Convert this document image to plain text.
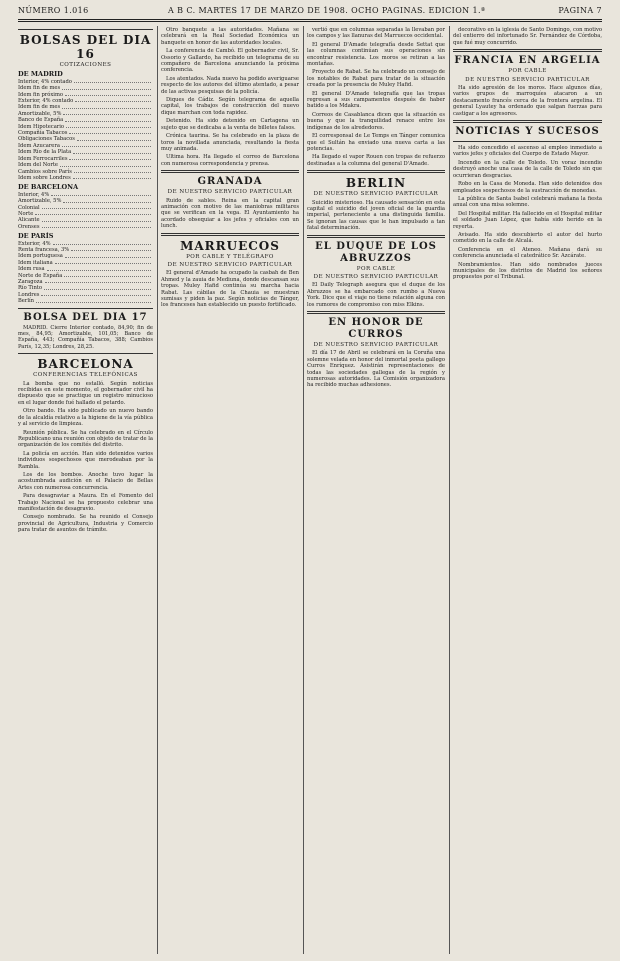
NÚMERO 1.016	A B C. MARTES 17 DE MARZO DE 1908. OCHO PAGINAS. EDICION 1.ª	PAGINA 7
BOLSAS DEL DIA 16
COTIZACIONES
DE MADRID
Interior, 4% contado
Idem fin de mes
Idem fin próximo
Exterior, 4% contado
Idem fin de mes
Amortizable, 5%
Banco de España
Idem Hipotecario
Compañía Tabacos
Obligaciones Tabacos
Idem Azucarera
Idem Río de la Plata
Idem Ferrocarriles
Idem del Norte
Cambios sobre París
Idem sobre Londres
DE BARCELONA
Interior, 4%
Amortizable, 5%
Colonial
Norte
Alicante
Orenses
DE PARÍS
Exterior, 4%
Renta francesa, 3%
Idem portuguesa
Idem italiana
Idem rusa
Norte de España
Zaragoza
Río Tinto
Londres
Berlín
BOLSA DEL DIA 17

MADRID. Cierre Interior contado, 84,90; fin de mes, 84,95; Amortizable, 101,05; Banco de España, 443; Compañía Tabacos, 388; Cambios París, 12,35; Londres, 28,25.

BARCELONA
CONFERENCIAS TELEFÓNICAS

La bomba que no estalló. Según noticias recibidas en este momento, el gobernador civil ha dispuesto que se practique un registro minucioso en el lugar donde fué hallado el petardo.

Otro bando. Ha sido publicado un nuevo bando de la alcaldía relativo a la higiene de la vía pública y al servicio de limpieza.

Reunión pública. Se ha celebrado en el Círculo Republicano una reunión con objeto de tratar de la organización de los comités del distrito.

La policía en acción. Han sido detenidos varios individuos sospechosos que merodeaban por la Rambla.

Los de los bombos. Anoche tuvo lugar la acostumbrada audición en el Palacio de Bellas Artes con numerosa concurrencia.

Para desagraviar a Maura. En el Fomento del Trabajo Nacional se ha propuesto celebrar una manifestación de desagravio.

Consejo nombrado. Se ha reunido el Consejo provincial de Agricultura, Industria y Comercio para tratar de asuntos de trámite.

Otro banquete a las autoridades. Mañana se celebrará en la Real Sociedad Económica un banquete en honor de las autoridades locales.

La conferencia de Cambó. El gobernador civil, Sr. Ossorio y Gallardo, ha recibido un telegrama de su compañero de Barcelona anunciando la próxima conferencia.

Los atentados. Nada nuevo ha podido averiguarse respecto de los autores del último atentado, a pesar de las activas pesquisas de la policía.

Diques de Cádiz. Según telegrama de aquella capital, los trabajos de construcción del nuevo dique marchan con toda rapidez.

Detenido. Ha sido detenido en Cartagena un sujeto que se dedicaba a la venta de billetes falsos.

Crónica taurina. Se ha celebrado en la plaza de toros la novillada anunciada, resultando la fiesta muy animada.

Ultima hora. Ha llegado el correo de Barcelona con numerosa correspondencia y prensa.

GRANADA
DE NUESTRO SERVICIO PARTICULAR

Ruido de sables. Reina en la capital gran animación con motivo de las maniobras militares que se verifican en la vega. El Ayuntamiento ha acordado obsequiar a los jefes y oficiales con un lunch.

MARRUECOS
POR CABLE Y TELÉGRAFO
DE NUESTRO SERVICIO PARTICULAR

El general d'Amade ha ocupado la casbah de Ben Ahmed y la zauia de Mediuna, donde descansan sus tropas. Muley Hafid continúa su marcha hacia Rabat. Las cábilas de la Chauia se muestran sumisas y piden la paz. Según noticias de Tánger, los franceses han establecido un puesto fortificado.

vertió que en columnas separadas la llevaban por los campos y las llanuras del Marruecos occidental.

El general D'Amade telegrafía desde Settat que las columnas continúan sus operaciones sin encontrar resistencia. Los moros se retiran a las montañas.

Proyecto de Rabat. Se ha celebrado un consejo de los notables de Rabat para tratar de la situación creada por la presencia de Muley Hafid.

El general D'Amade telegrafía que las tropas regresan a sus campamentos después de haber batido a los Mdakra.

Correos de Casablanca dicen que la situación es buena y que la tranquilidad renace entre los indígenas de los alrededores.

El corresponsal de Le Temps en Tánger comunica que el Sultán ha enviado una nueva carta a las potencias.

Ha llegado el vapor Rouen con tropas de refuerzo destinadas a la columna del general D'Amade.

BERLIN
DE NUESTRO SERVICIO PARTICULAR

Suicidio misterioso. Ha causado sensación en esta capital el suicidio del joven oficial de la guardia imperial, perteneciente a una distinguida familia. Se ignoran las causas que le han impulsado a tan fatal determinación.

EL DUQUE DE LOS ABRUZZOS
POR CABLE
DE NUESTRO SERVICIO PARTICULAR

El Daily Telegraph asegura que el duque de los Abruzzos se ha embarcado con rumbo a Nueva York. Dice que el viaje no tiene relación alguna con los rumores de compromiso con miss Elkins.

EN HONOR DE CURROS
DE NUESTRO SERVICIO PARTICULAR

El día 17 de Abril se celebrará en la Coruña una solemne velada en honor del inmortal poeta gallego Curros Enríquez. Asistirán representaciones de todas las sociedades gallegas de la región y numerosas autoridades. La Comisión organizadora ha recibido muchas adhesiones.

decorativo en la iglesia de Santo Domingo, con motivo del entierro del infortunado Sr. Fernández de Córdoba, que fué muy concurrido.

FRANCIA EN ARGELIA
POR CABLE
DE NUESTRO SERVICIO PARTICULAR

Ha sido agresión de los moros. Hace algunos días, varios grupos de marroquíes atacaron a un destacamento francés cerca de la frontera argelina. El general Lyautey ha ordenado que salgan fuerzas para castigar a los agresores.

NOTICIAS Y SUCESOS

Ha sido concedido el ascenso al empleo inmediato a varios jefes y oficiales del Cuerpo de Estado Mayor.

Incendio en la calle de Toledo. Un voraz incendio destruyó anoche una casa de la calle de Toledo sin que ocurrieran desgracias.

Robo en la Casa de Moneda. Han sido detenidos dos empleados sospechosos de la sustracción de monedas.

La pública de Santa Isabel celebrará mañana la fiesta anual con una misa solemne.

Del Hospital militar. Ha fallecido en el Hospital militar el soldado Juan López, que había sido herido en la reyerta.

Avisado. Ha sido descubierto el autor del hurto cometido en la calle de Alcalá.

Conferencia en el Ateneo. Mañana dará su conferencia anunciada el catedrático Sr. Azcárate.

Nombramientos. Han sido nombrados jueces municipales de los distritos de Madrid los señores propuestos por el Tribunal.
